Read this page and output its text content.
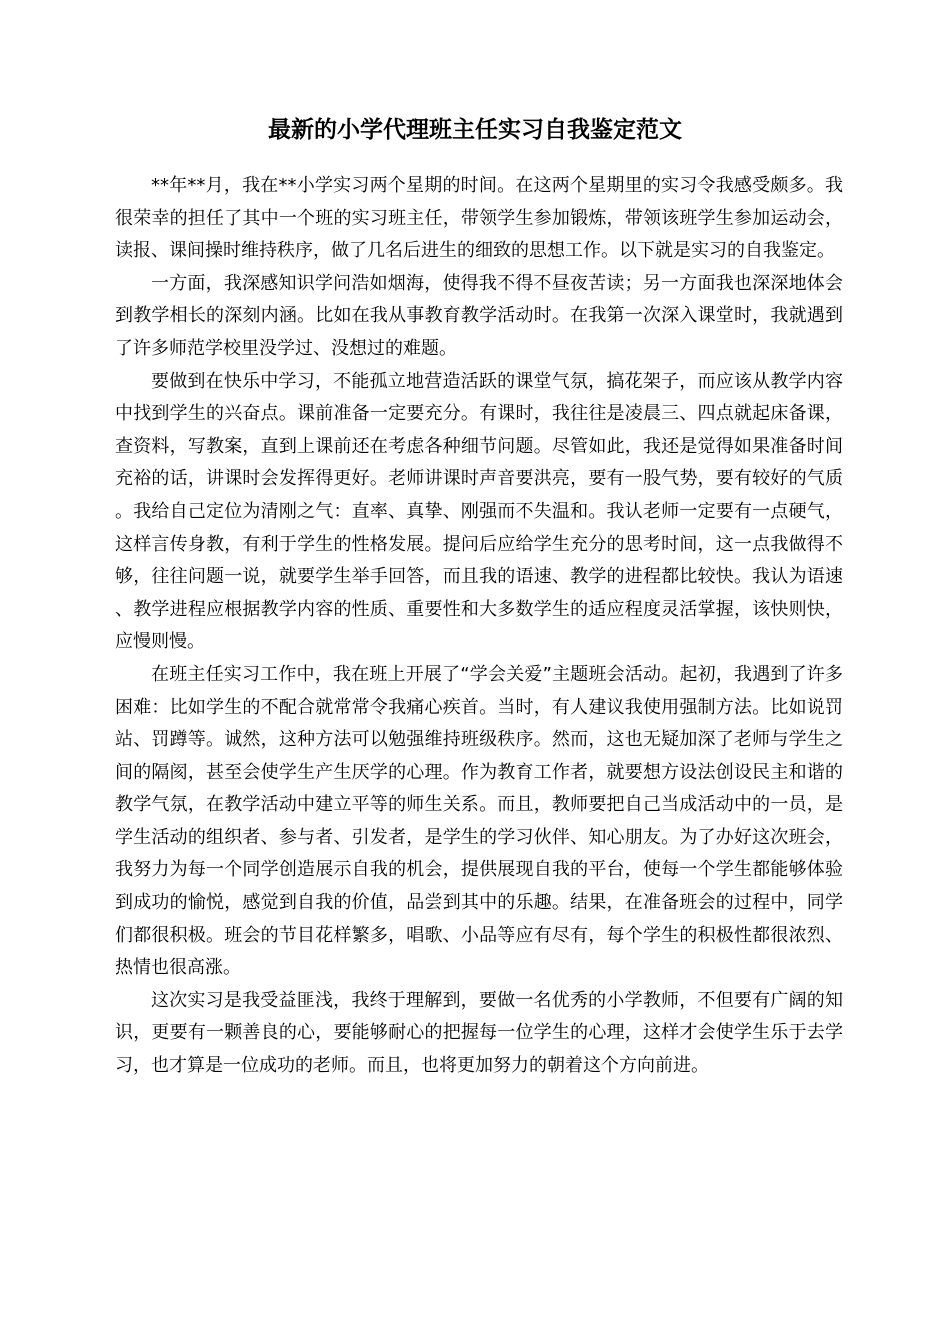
最新的小学代理班主任实习自我鉴定范文

**年**月，我在**小学实习两个星期的时间。在这两个星期里的实习令我感受颇多。我很荣幸的担任了其中一个班的实习班主任，带领学生参加锻炼，带领该班学生参加运动会，读报、课间操时维持秩序，做了几名后进生的细致的思想工作。以下就是实习的自我鉴定。

一方面，我深感知识学问浩如烟海，使得我不得不昼夜苦读；另一方面我也深深地体会到教学相长的深刻内涵。比如在我从事教育教学活动时。在我第一次深入课堂时，我就遇到了许多师范学校里没学过、没想过的难题。

要做到在快乐中学习，不能孤立地营造活跃的课堂气氛，搞花架子，而应该从教学内容中找到学生的兴奋点。课前准备一定要充分。有课时，我往往是凌晨三、四点就起床备课，查资料，写教案，直到上课前还在考虑各种细节问题。尽管如此，我还是觉得如果准备时间充裕的话，讲课时会发挥得更好。老师讲课时声音要洪亮，要有一股气势，要有较好的气质。我给自己定位为清刚之气：直率、真挚、刚强而不失温和。我认老师一定要有一点硬气，这样言传身教，有利于学生的性格发展。提问后应给学生充分的思考时间，这一点我做得不够，往往问题一说，就要学生举手回答，而且我的语速、教学的进程都比较快。我认为语速、教学进程应根据教学内容的性质、重要性和大多数学生的适应程度灵活掌握，该快则快，应慢则慢。

在班主任实习工作中，我在班上开展了“学会关爱”主题班会活动。起初，我遇到了许多困难：比如学生的不配合就常常令我痛心疾首。当时，有人建议我使用强制方法。比如说罚站、罚蹲等。诚然，这种方法可以勉强维持班级秩序。然而，这也无疑加深了老师与学生之间的隔阂，甚至会使学生产生厌学的心理。作为教育工作者，就要想方设法创设民主和谐的教学气氛，在教学活动中建立平等的师生关系。而且，教师要把自己当成活动中的一员，是学生活动的组织者、参与者、引发者，是学生的学习伙伴、知心朋友。为了办好这次班会，我努力为每一个同学创造展示自我的机会，提供展现自我的平台，使每一个学生都能够体验到成功的愉悦，感觉到自我的价值，品尝到其中的乐趣。结果，在准备班会的过程中，同学们都很积极。班会的节目花样繁多，唱歌、小品等应有尽有，每个学生的积极性都很浓烈、热情也很高涨。

这次实习是我受益匪浅，我终于理解到，要做一名优秀的小学教师，不但要有广阔的知识，更要有一颗善良的心，要能够耐心的把握每一位学生的心理，这样才会使学生乐于去学习，也才算是一位成功的老师。而且，也将更加努力的朝着这个方向前进。
